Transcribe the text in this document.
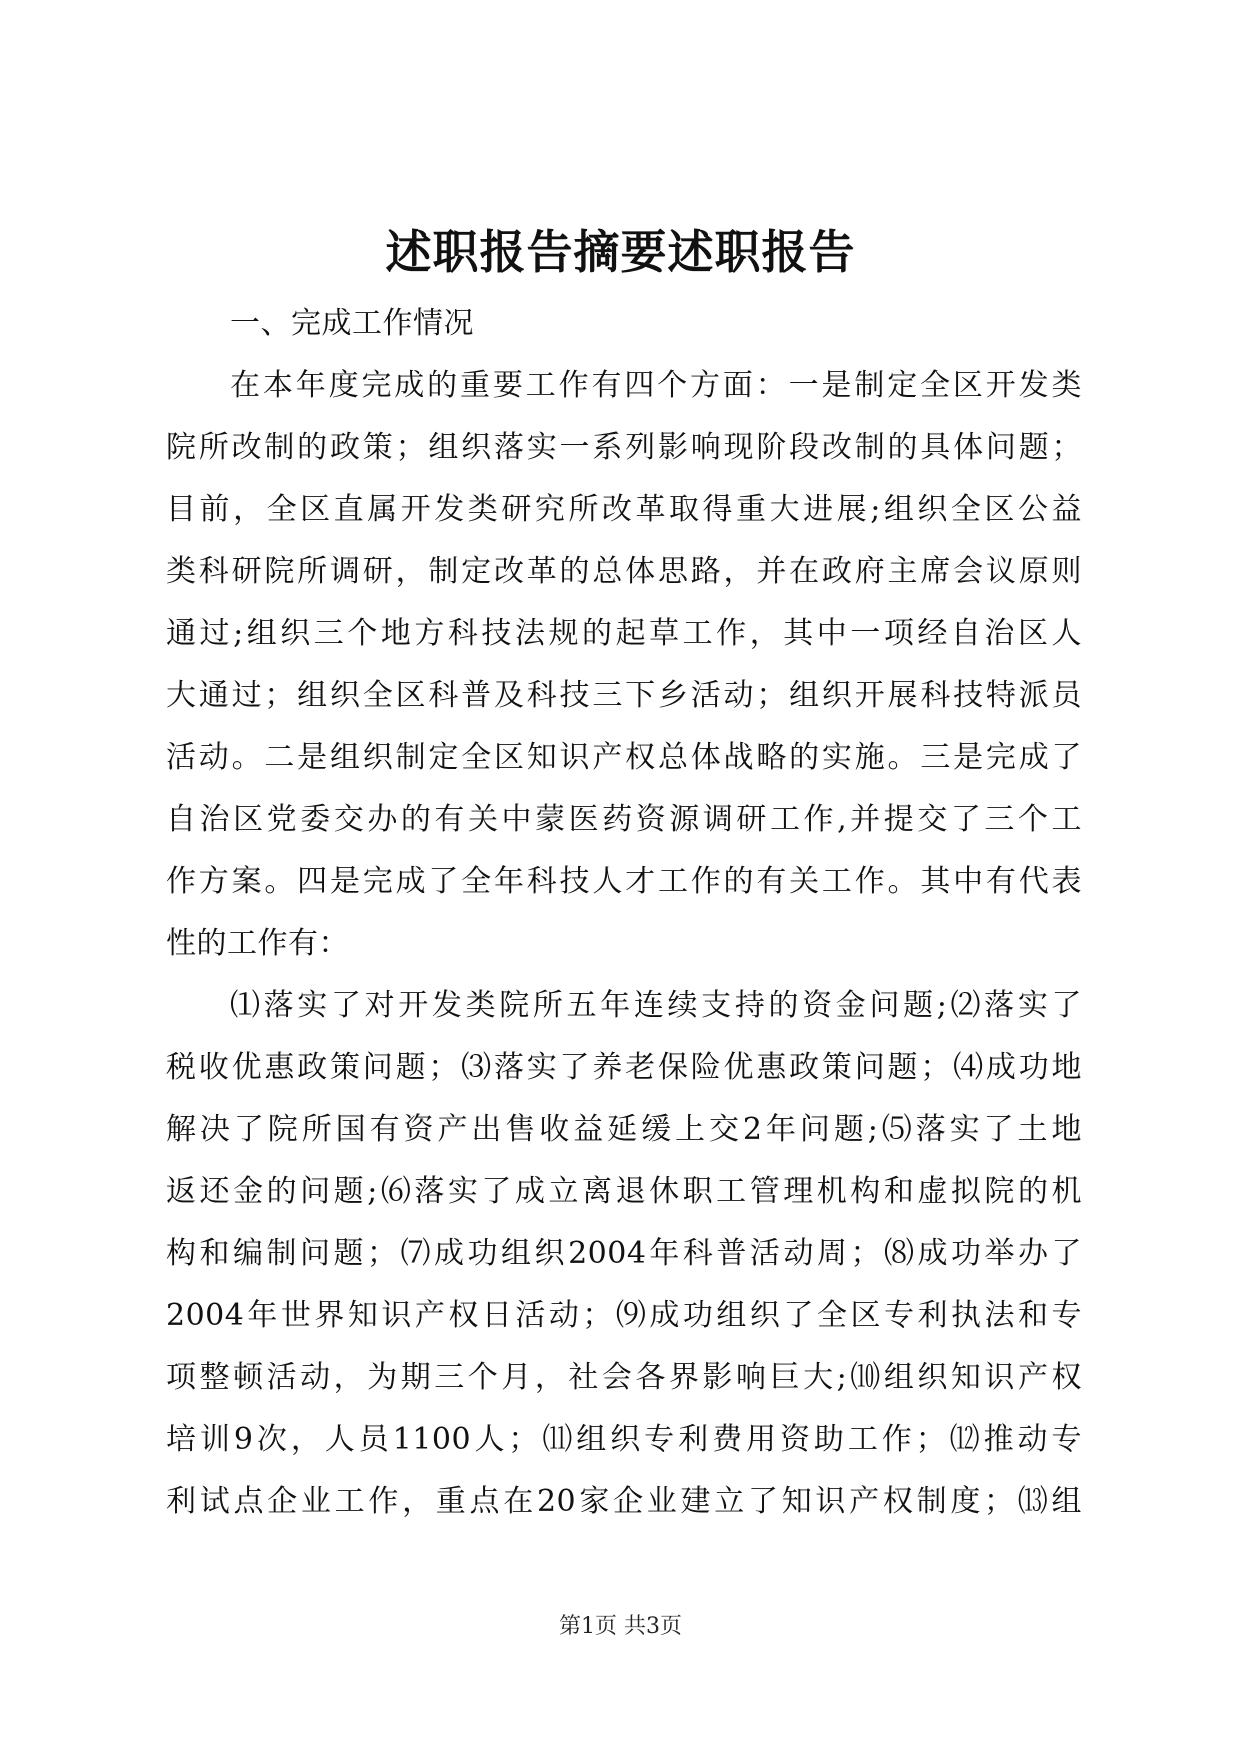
述职报告摘要述职报告
一、完成工作情况
在本年度完成的重要工作有四个方面：一是制定全区开发类
院所改制的政策；组织落实一系列影响现阶段改制的具体问题；
目前，全区直属开发类研究所改革取得重大进展;组织全区公益
类科研院所调研，制定改革的总体思路，并在政府主席会议原则
通过;组织三个地方科技法规的起草工作，其中一项经自治区人
大通过；组织全区科普及科技三下乡活动；组织开展科技特派员
活动。二是组织制定全区知识产权总体战略的实施。三是完成了
自治区党委交办的有关中蒙医药资源调研工作,并提交了三个工
作方案。四是完成了全年科技人才工作的有关工作。其中有代表
性的工作有：
⑴落实了对开发类院所五年连续支持的资金问题;⑵落实了
税收优惠政策问题；⑶落实了养老保险优惠政策问题；⑷成功地
解决了院所国有资产出售收益延缓上交2年问题;⑸落实了土地
返还金的问题;⑹落实了成立离退休职工管理机构和虚拟院的机
构和编制问题；⑺成功组织2004年科普活动周；⑻成功举办了
2004年世界知识产权日活动；⑼成功组织了全区专利执法和专
项整顿活动，为期三个月，社会各界影响巨大;⑽组织知识产权
培训9次，人员1100人；⑾组织专利费用资助工作；⑿推动专
利试点企业工作，重点在20家企业建立了知识产权制度；⒀组
第1页 共3页
